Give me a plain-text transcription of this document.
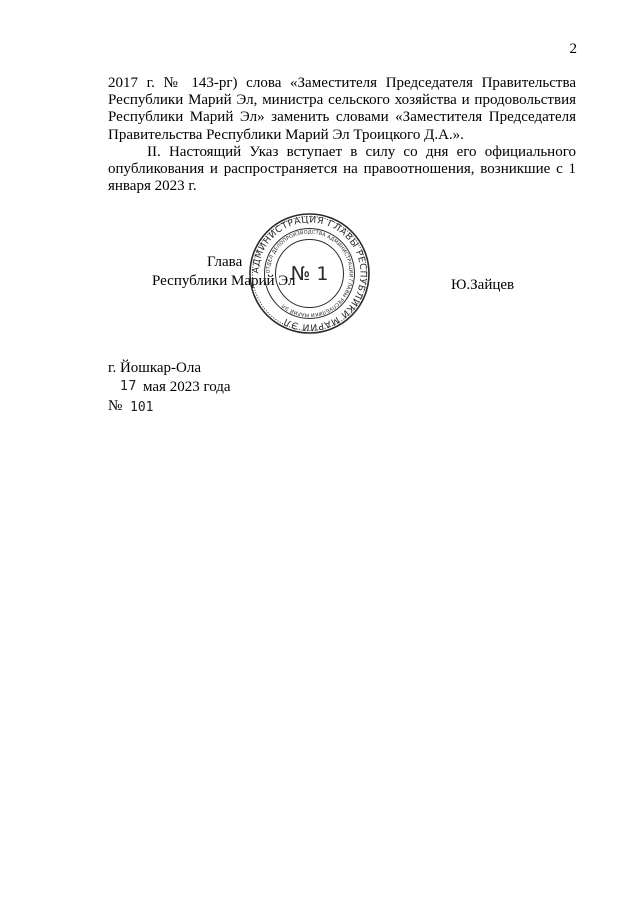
2

2017 г. № 143-рг) слова «Заместителя Председателя Правительства Республики Марий Эл, министра сельского хозяйства и продовольствия Республики Марий Эл» заменить словами «Заместителя Председателя Правительства Республики Марий Эл Троицкого Д.А.».

II. Настоящий Указ вступает в силу со дня его официального опубликования и распространяется на правоотношения, возникшие с 1 января 2023 г.

Глава
Республики Марий Эл	Ю.Зайцев
АДМИНИСТРАЦИЯ ГЛАВЫ РЕСПУБЛИКИ МАРИЙ ЭЛ
ОТДЕЛ ДЕЛОПРОИЗВОДСТВА АДМИНИСТРАЦИИ ГЛАВЫ РЕСПУБЛИКИ МАРИЙ ЭЛ
№ 1
г. Йошкар-Ола
17 мая 2023 года
№ 101
